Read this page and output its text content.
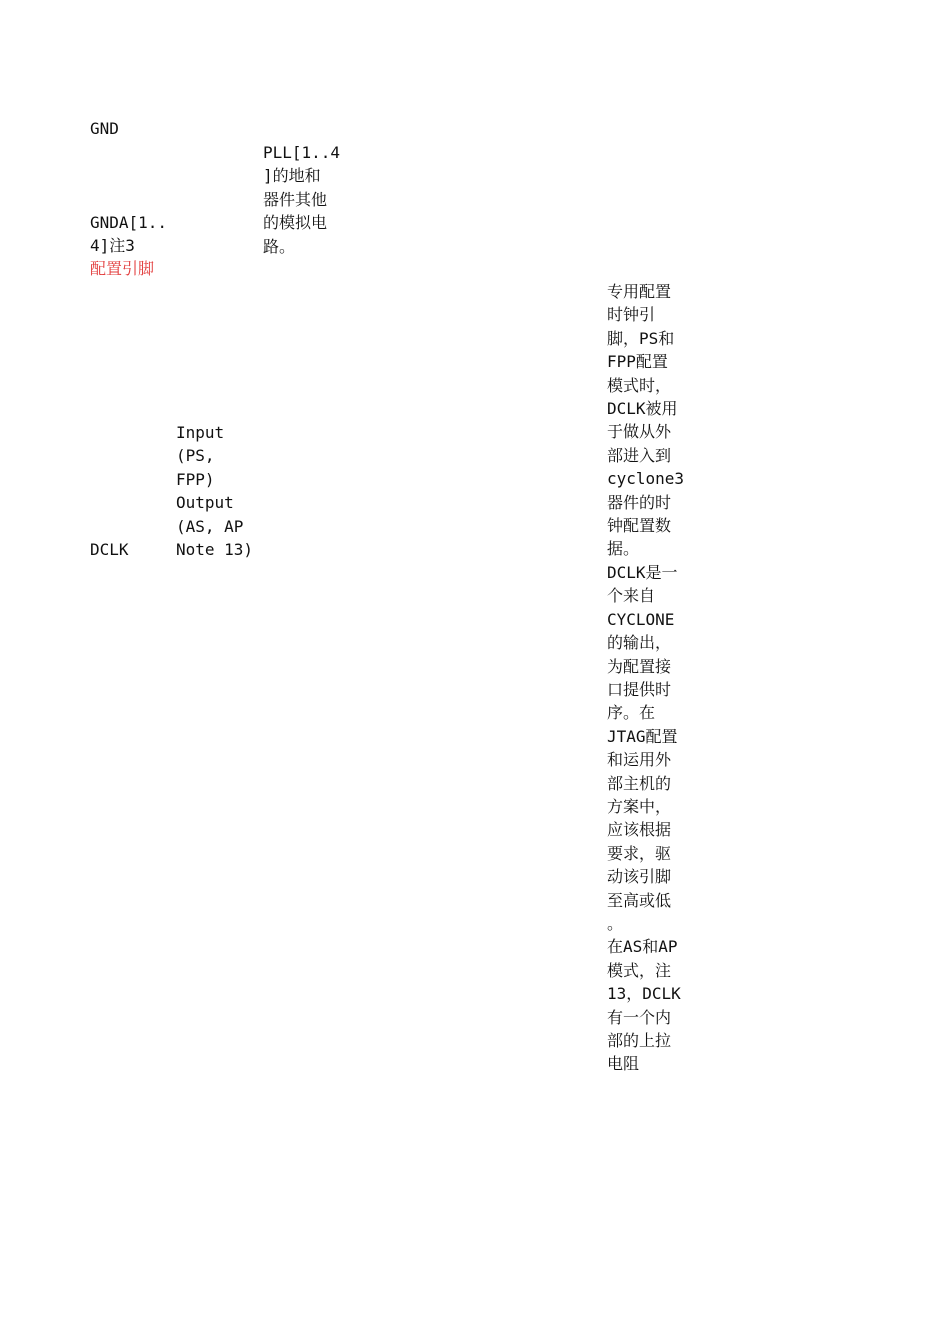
GND
GNDA[1..
4]注3
PLL[1..4
]的地和
器件其他
的模拟电
路。
配置引脚
DCLK
Input
(PS,
FPP)
Output
(AS, AP
Note 13)
专用配置
时钟引
脚，PS和
FPP配置
模式时，
DCLK被用
于做从外
部进入到
cyclone3
器件的时
钟配置数
据。
DCLK是一
个来自
CYCLONE
的输出，
为配置接
口提供时
序。在
JTAG配置
和运用外
部主机的
方案中，
应该根据
要求，驱
动该引脚
至高或低
。
在AS和AP
模式，注
13，DCLK
有一个内
部的上拉
电阻
